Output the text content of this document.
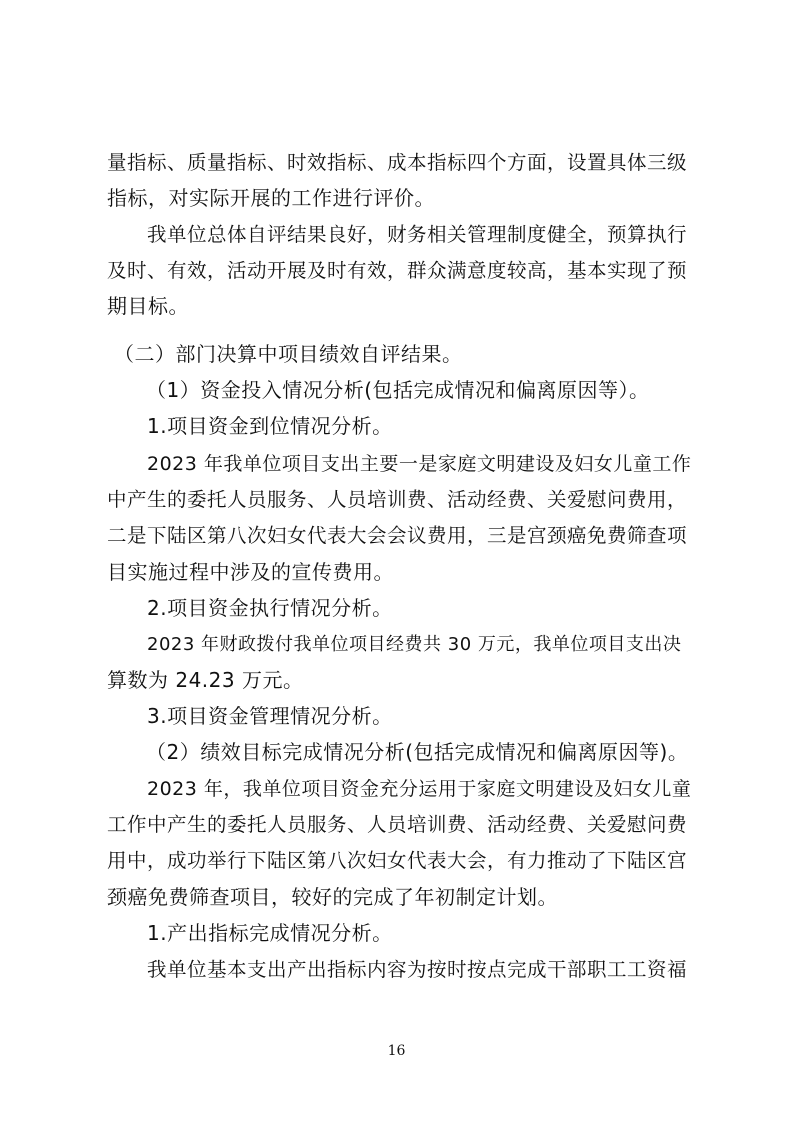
量指标、质量指标、时效指标、成本指标四个方面，设置具体三级
指标，对实际开展的工作进行评价。
我单位总体自评结果良好，财务相关管理制度健全，预算执行
及时、有效，活动开展及时有效，群众满意度较高，基本实现了预
期目标。
（二）部门决算中项目绩效自评结果。
（1）资金投入情况分析(包括完成情况和偏离原因等）。
1.项目资金到位情况分析。
2023 年我单位项目支出主要一是家庭文明建设及妇女儿童工作
中产生的委托人员服务、人员培训费、活动经费、关爱慰问费用，
二是下陆区第八次妇女代表大会会议费用，三是宫颈癌免费筛查项
目实施过程中涉及的宣传费用。
2.项目资金执行情况分析。
2023 年财政拨付我单位项目经费共 30 万元，我单位项目支出决
算数为 24.23 万元。
3.项目资金管理情况分析。
（2）绩效目标完成情况分析(包括完成情况和偏离原因等)。
2023 年，我单位项目资金充分运用于家庭文明建设及妇女儿童
工作中产生的委托人员服务、人员培训费、活动经费、关爱慰问费
用中，成功举行下陆区第八次妇女代表大会，有力推动了下陆区宫
颈癌免费筛查项目，较好的完成了年初制定计划。
1.产出指标完成情况分析。
我单位基本支出产出指标内容为按时按点完成干部职工工资福
16
